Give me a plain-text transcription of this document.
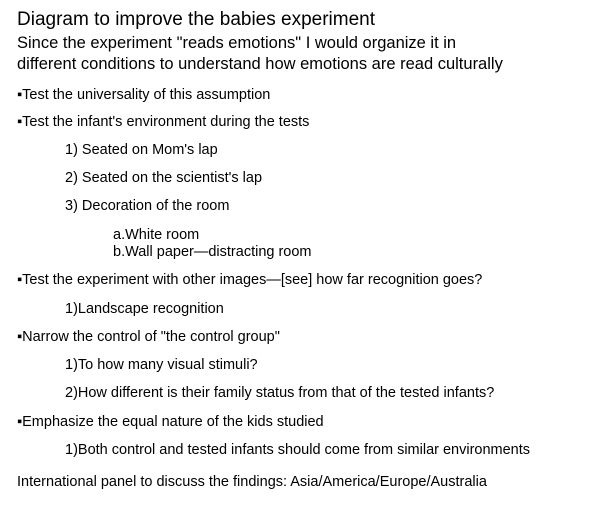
Diagram to improve the babies experiment
Since the experiment "reads emotions" I would organize it in
different conditions to understand how emotions are read culturally
▪Test the universality of this assumption
▪Test the infant's environment during the tests
1) Seated on Mom's lap
2) Seated on the scientist's lap
3) Decoration of the room
a.White room
b.Wall paper—distracting room
▪Test the experiment with other images—[see] how far recognition goes?
1)Landscape recognition
▪Narrow the control of "the control group"
1)To how many visual stimuli?
2)How different is their family status from that of the tested infants?
▪Emphasize the equal nature of the kids studied
1)Both control and tested infants should come from similar environments
International panel to discuss the findings: Asia/America/Europe/Australia
